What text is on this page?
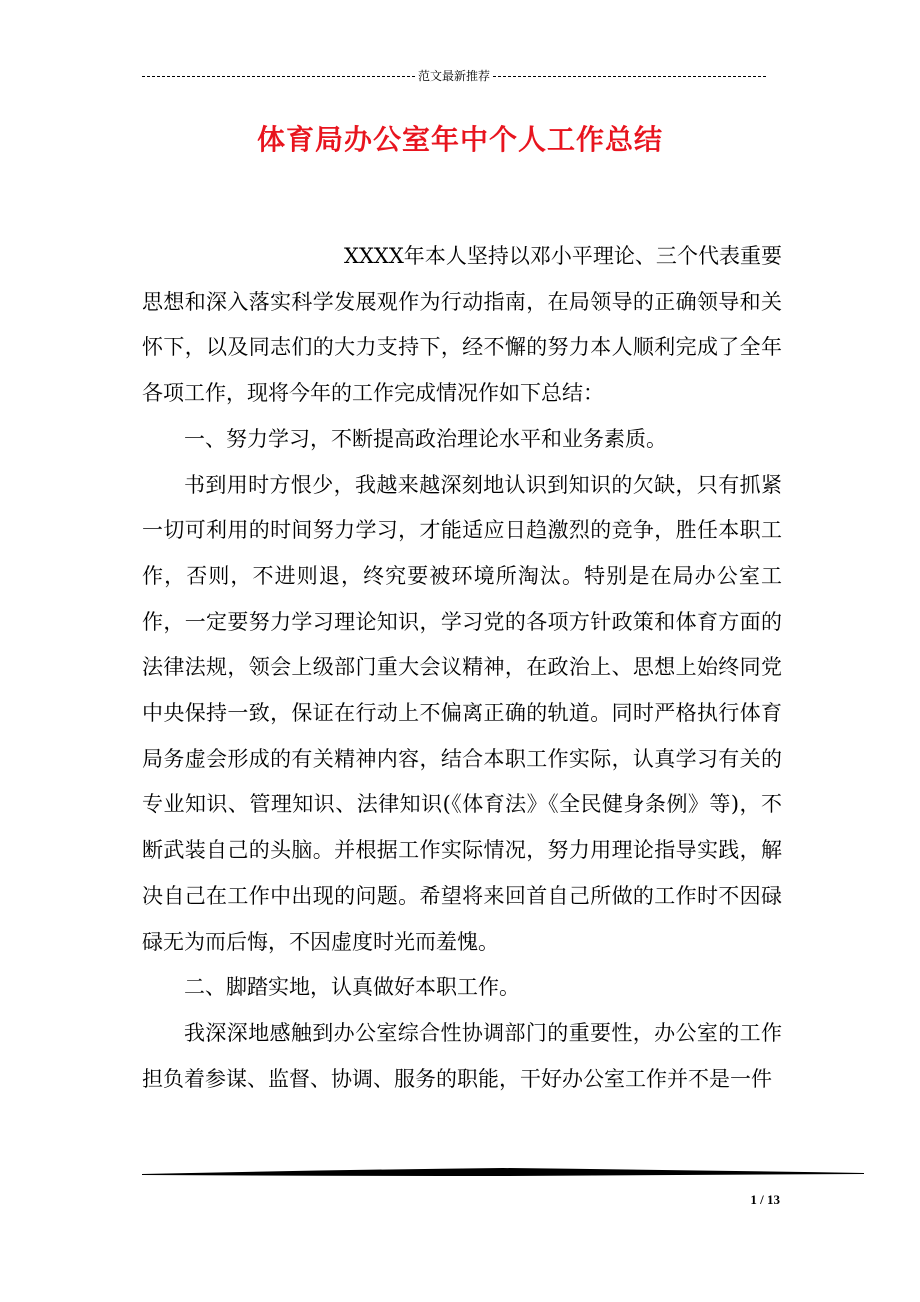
范文最新推荐
体育局办公室年中个人工作总结

XXXX年本人坚持以邓小平理论、三个代表重要思想和深入落实科学发展观作为行动指南，在局领导的正确领导和关怀下，以及同志们的大力支持下，经不懈的努力本人顺利完成了全年各项工作，现将今年的工作完成情况作如下总结：

一、努力学习，不断提高政治理论水平和业务素质。

书到用时方恨少，我越来越深刻地认识到知识的欠缺，只有抓紧一切可利用的时间努力学习，才能适应日趋激烈的竞争，胜任本职工作，否则，不进则退，终究要被环境所淘汰。特别是在局办公室工作，一定要努力学习理论知识，学习党的各项方针政策和体育方面的法律法规，领会上级部门重大会议精神，在政治上、思想上始终同党中央保持一致，保证在行动上不偏离正确的轨道。同时严格执行体育局务虚会形成的有关精神内容，结合本职工作实际，认真学习有关的专业知识、管理知识、法律知识(《体育法》《全民健身条例》等)，不断武装自己的头脑。并根据工作实际情况，努力用理论指导实践，解决自己在工作中出现的问题。希望将来回首自己所做的工作时不因碌碌无为而后悔，不因虚度时光而羞愧。

二、脚踏实地，认真做好本职工作。

我深深地感触到办公室综合性协调部门的重要性，办公室的工作担负着参谋、监督、协调、服务的职能，干好办公室工作并不是一件

1 / 13
